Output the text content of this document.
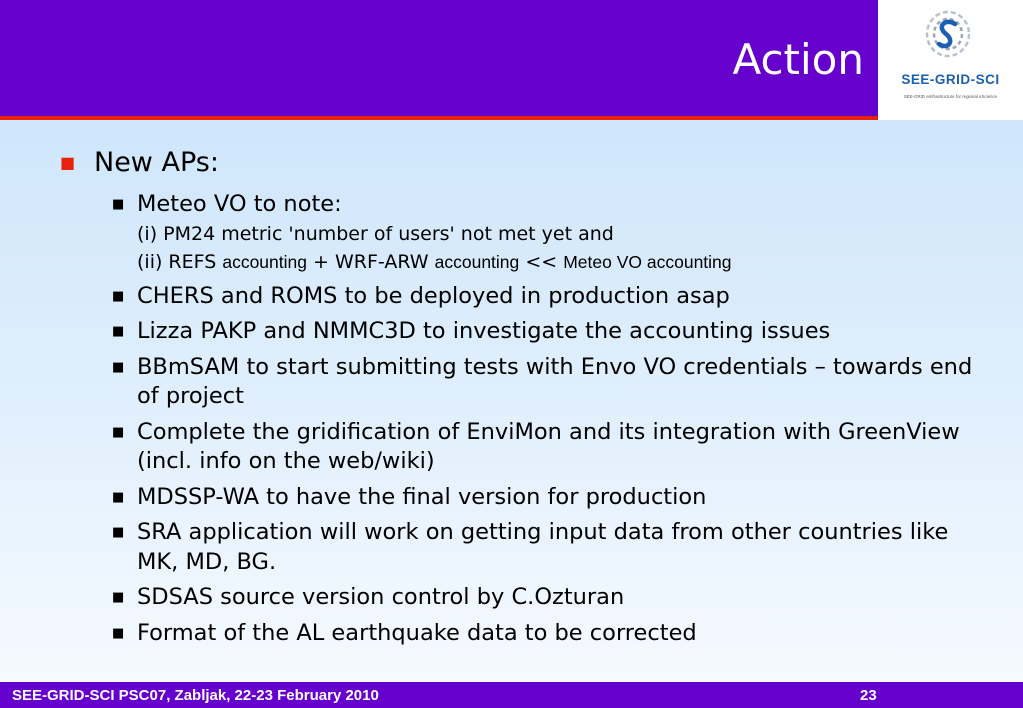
Action	SEE-GRID-SCI
SEE-GRID eInfrastructure for regional eScience
■ New APs:
■ Meteo VO to note:
(i) PM24 metric 'number of users' not met yet and
(ii) REFS accounting + WRF-ARW accounting << Meteo VO accounting
■ CHERS and ROMS to be deployed in production asap
■ Lizza PAKP and NMMC3D to investigate the accounting issues
■ BBmSAM to start submitting tests with Envo VO credentials – towards end of project
■ Complete the gridification of EnviMon and its integration with GreenView (incl. info on the web/wiki)
■ MDSSP-WA to have the final version for production
■ SRA application will work on getting input data from other countries like MK, MD, BG.
■ SDSAS source version control by C.Ozturan
■ Format of the AL earthquake data to be corrected
SEE-GRID-SCI PSC07, Zabljak, 22-23 February 2010	23
